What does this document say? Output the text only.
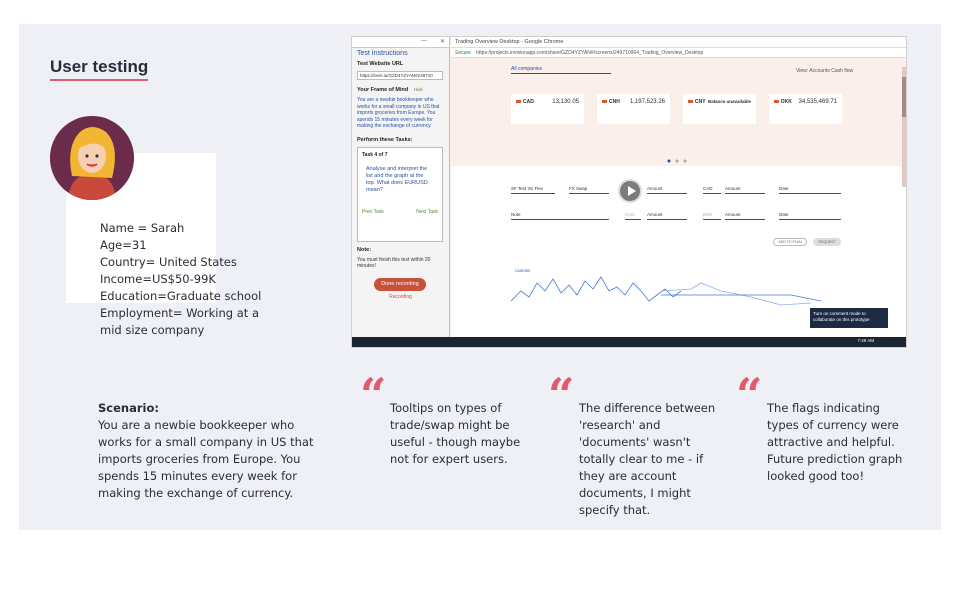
User testing
Name = Sarah
Age=31
Country= United States
Income=US$50-99K
Education=Graduate school
Employment= Working at a
mid size company
— ✕
Test Instructions
Test Website URL
https://invis.io/GZD4YZYAN#249710
Your Frame of Mind Hide
You are a newbie bookkeeper who works for a small company in US that imports groceries from Europe. You spends 15 minutes every week for making the exchange of currency.
Perform these Tasks:
Task 4 of 7
Analyse and interpret the list and the graph at the top. What does EURUSD mean?
Prev Task	Next Task
Note:
You must finish this test within 20 minutes!
Done recording
Recording
Trading Overview Desktop - Google Chrome
Secure https://projects.invisionapp.com/share/GZD4YZYAN#/screens/249710964_Trading_Overview_Desktop
All companies	View: Accounts Cash flow
CAD	13,130.05	CNH 1,197,523.26	CNY Balance unavailable	DKK 34,535,469.71
SF Test 3G Flex	FX Swap	Amount	CAD	Amount	Date
Note	CAD	Amount	DKK	Amount	Date
ADD TO PLAN	REQUEST
CADEWK
Turn on comment mode to collaborate on this prototype
7:49 AM
Scenario:
You are a newbie bookkeeper who works for a small company in US that imports groceries from Europe. You spends 15 minutes every week for making the exchange of currency.
“ Tooltips on types of trade/swap might be useful - though maybe not for expert users.
“ The difference between 'research' and 'documents' wasn't totally clear to me - if they are account documents, I might specify that.
“ The flags indicating types of currency were attractive and helpful. Future prediction graph looked good too!
